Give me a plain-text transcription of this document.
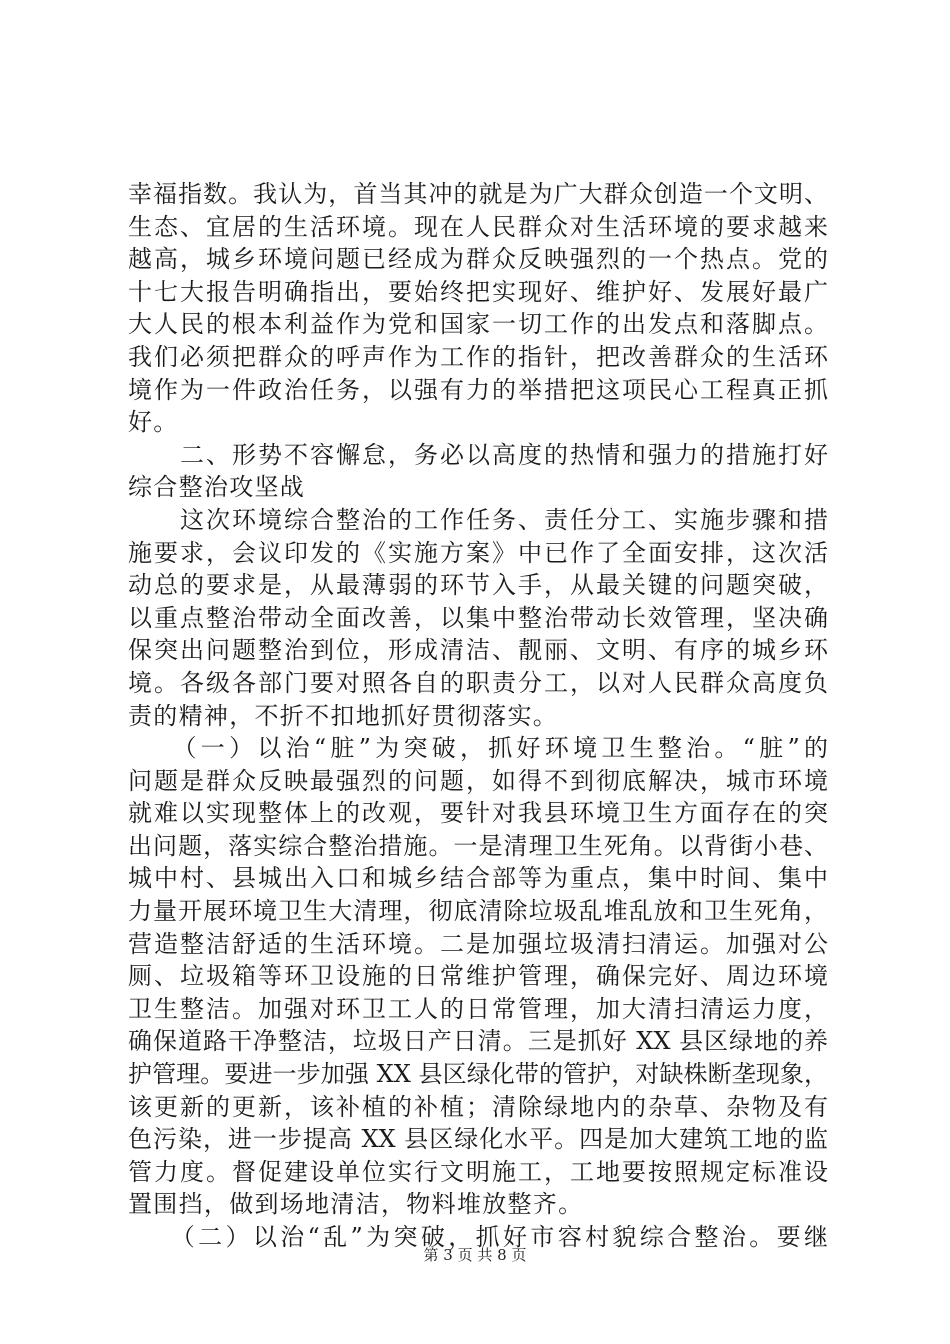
幸福指数。我认为，首当其冲的就是为广大群众创造一个文明、
生态、宜居的生活环境。现在人民群众对生活环境的要求越来
越高，城乡环境问题已经成为群众反映强烈的一个热点。党的
十七大报告明确指出，要始终把实现好、维护好、发展好最广
大人民的根本利益作为党和国家一切工作的出发点和落脚点。
我们必须把群众的呼声作为工作的指针，把改善群众的生活环
境作为一件政治任务，以强有力的举措把这项民心工程真正抓
好。
　　二、形势不容懈怠，务必以高度的热情和强力的措施打好
综合整治攻坚战
　　这次环境综合整治的工作任务、责任分工、实施步骤和措
施要求，会议印发的《实施方案》中已作了全面安排，这次活
动总的要求是，从最薄弱的环节入手，从最关键的问题突破，
以重点整治带动全面改善，以集中整治带动长效管理，坚决确
保突出问题整治到位，形成清洁、靓丽、文明、有序的城乡环
境。各级各部门要对照各自的职责分工，以对人民群众高度负
责的精神，不折不扣地抓好贯彻落实。
　　（一）以治“脏”为突破，抓好环境卫生整治。“脏”的
问题是群众反映最强烈的问题，如得不到彻底解决，城市环境
就难以实现整体上的改观，要针对我县环境卫生方面存在的突
出问题，落实综合整治措施。一是清理卫生死角。以背街小巷、
城中村、县城出入口和城乡结合部等为重点，集中时间、集中
力量开展环境卫生大清理，彻底清除垃圾乱堆乱放和卫生死角，
营造整洁舒适的生活环境。二是加强垃圾清扫清运。加强对公
厕、垃圾箱等环卫设施的日常维护管理，确保完好、周边环境
卫生整洁。加强对环卫工人的日常管理，加大清扫清运力度，
确保道路干净整洁，垃圾日产日清。三是抓好 XX 县区绿地的养
护管理。要进一步加强 XX 县区绿化带的管护，对缺株断垄现象，
该更新的更新，该补植的补植；清除绿地内的杂草、杂物及有
色污染，进一步提高 XX 县区绿化水平。四是加大建筑工地的监
管力度。督促建设单位实行文明施工，工地要按照规定标准设
置围挡，做到场地清洁，物料堆放整齐。
　　（二）以治“乱”为突破，抓好市容村貌综合整治。要继
第 3 页 共 8 页
